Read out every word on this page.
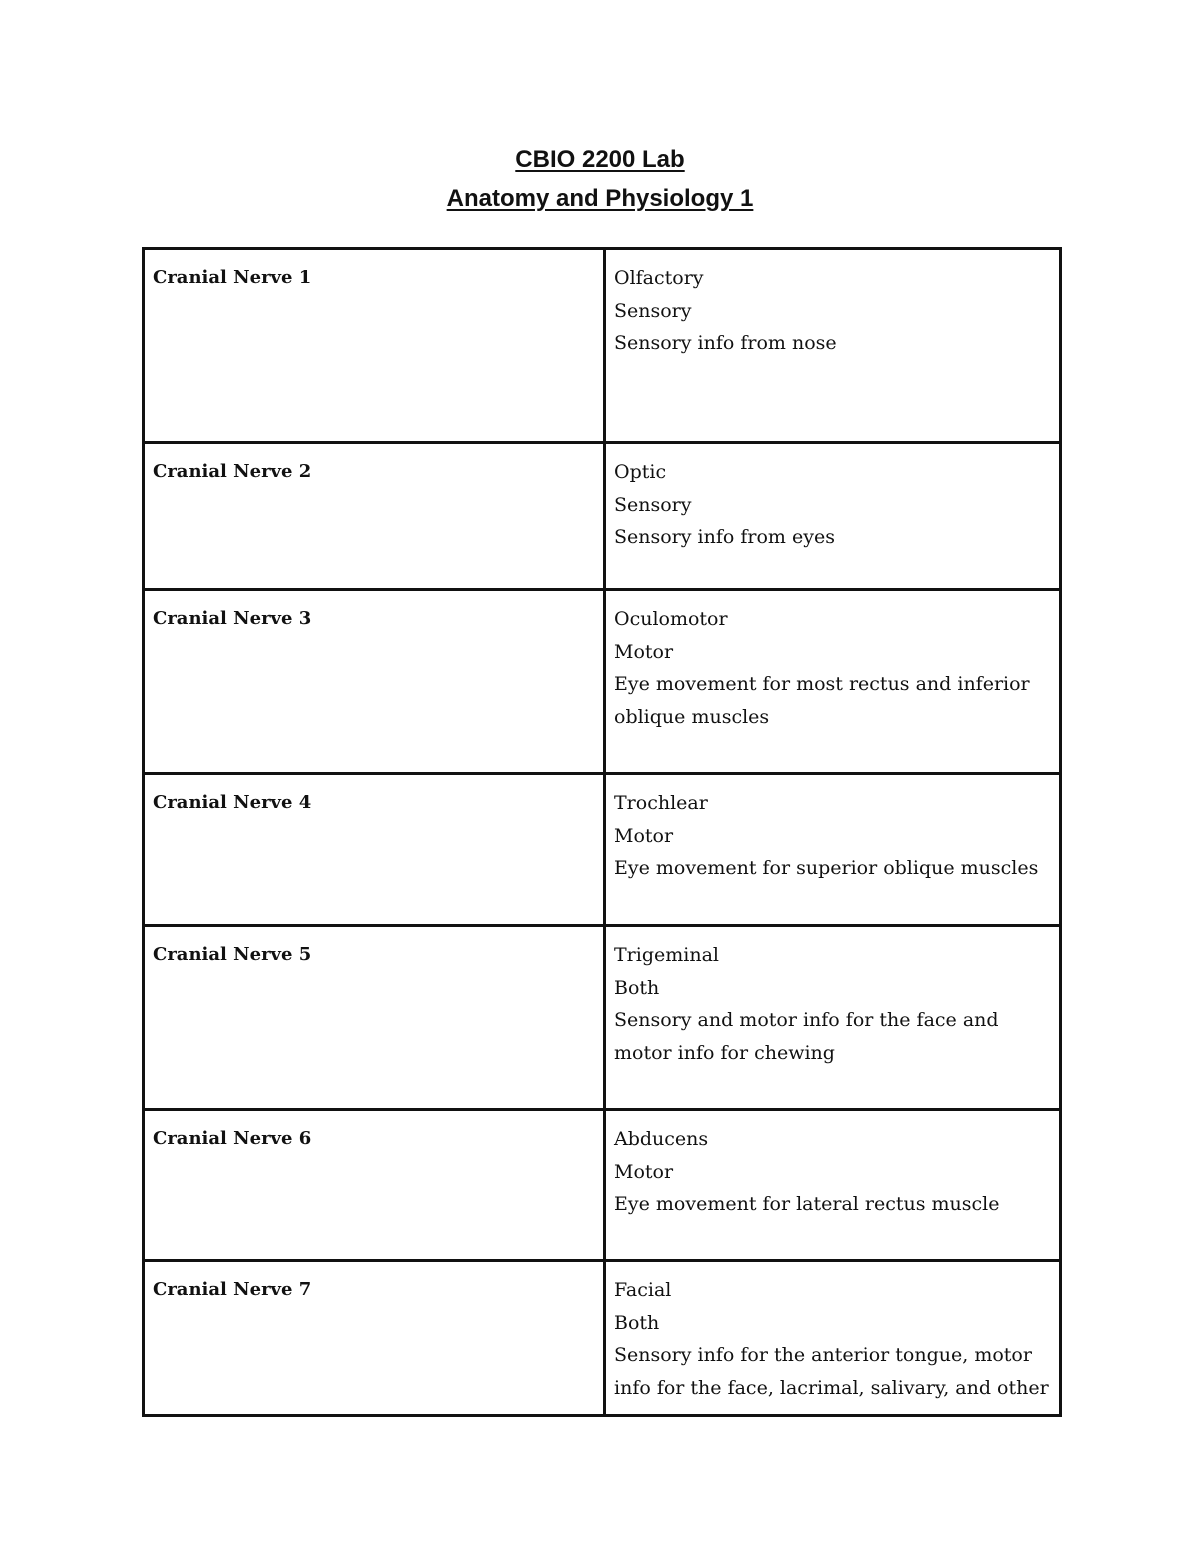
CBIO 2200 Lab
Anatomy and Physiology 1
Cranial Nerve 1	Olfactory
Sensory
Sensory info from nose

Cranial Nerve 2	Optic
Sensory
Sensory info from eyes

Cranial Nerve 3	Oculomotor
Motor
Eye movement for most rectus and inferior oblique muscles

Cranial Nerve 4	Trochlear
Motor
Eye movement for superior oblique muscles

Cranial Nerve 5	Trigeminal
Both
Sensory and motor info for the face and motor info for chewing

Cranial Nerve 6	Abducens
Motor
Eye movement for lateral rectus muscle

Cranial Nerve 7	Facial
Both
Sensory info for the anterior tongue, motor info for the face, lacrimal, salivary, and other
